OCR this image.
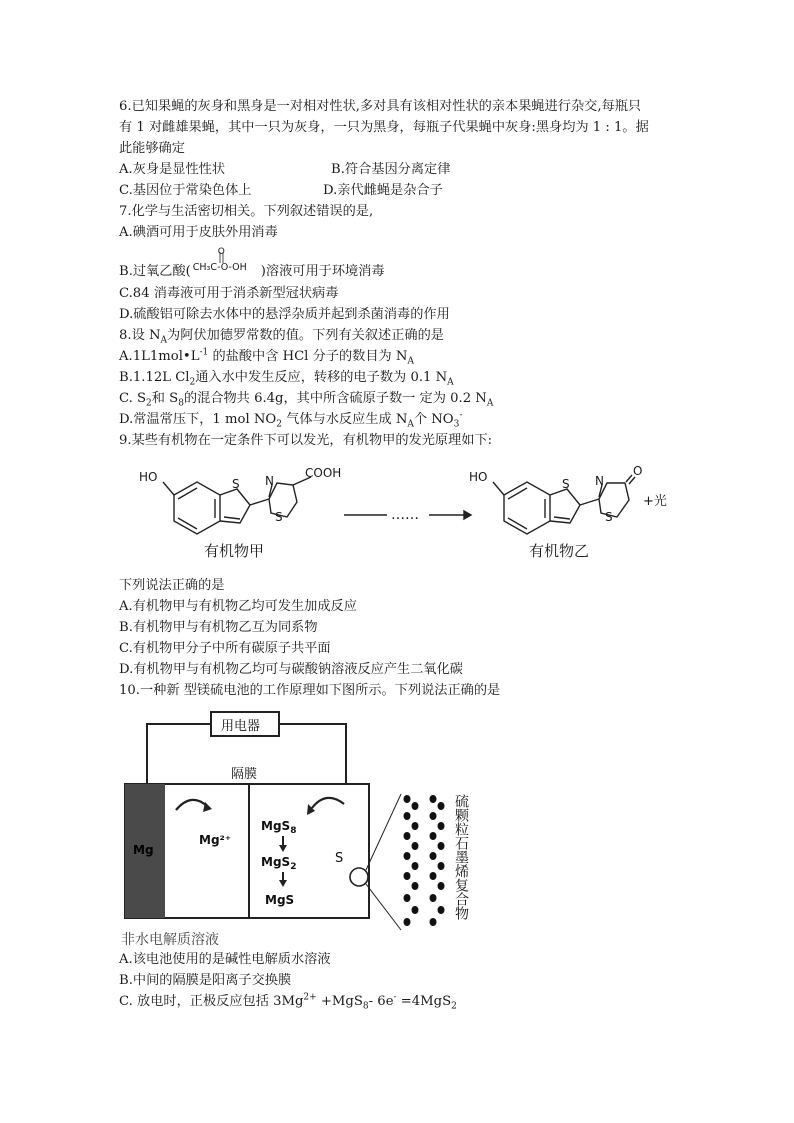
6.已知果蝇的灰身和黑身是一对相对性状,多对具有该相对性状的亲本果蝇进行杂交,每瓶只
有 1 对雌雄果蝇，其中一只为灰身，一只为黑身，每瓶子代果蝇中灰身:黑身均为 1 : 1。据
此能够确定
A.灰身是显性性状	B.符合基因分离定律
C.基因位于常染色体上	D.亲代雌蝇是杂合子
7.化学与生活密切相关。下列叙述错误的是,
A.碘酒可用于皮肤外用消毒
B.过氧乙酸(
O
CH₃C-O-OH )溶液可用于环境消毒
C.84 消毒液可用于消杀新型冠状病毒
D.硫酸铝可除去水体中的悬浮杂质并起到杀菌消毒的作用
8.设 $N_A$为阿伏加德罗常数的值。下列有关叙述正确的是
$A.1L1mol•L^{-1}$ 的盐酸中含 HCl 分子的数目为 $N_A$
B.1.12L $Cl_2$通入水中发生反应，转移的电子数为 0.1 $N_A$
C. $S_2$和 $S_8$的混合物共 6.4g，其中所含硫原子数一 定为 0.2 $N_A$
D.常温常压下，1 mol $NO_2$ 气体与水反应生成 $N_A$个 $NO_3^-$
9.某些有机物在一定条件下可以发光，有机物甲的发光原理如下:
HO	S N
S
COOH
……
HO	S N
S
O
+光
有机物甲	有机物乙
下列说法正确的是
A.有机物甲与有机物乙均可发生加成反应
B.有机物甲与有机物乙互为同系物
C.有机物甲分子中所有碳原子共平面
D.有机物甲与有机物乙均可与碳酸钠溶液反应产生二氧化碳
10.一种新 型镁硫电池的工作原理如下图所示。下列说法正确的是
用电器
隔膜
Mg
Mg²⁺
MgS$_8$
MgS$_2$
MgS
S	硫颗粒石墨烯复合物
非水电解质溶液
A.该电池使用的是碱性电解质水溶液
B.中间的隔膜是阳离子交换膜
C. 放电时，正极反应包括 $3Mg^{2+} +MgS_8-$ 6e- =4MgS$_2$
